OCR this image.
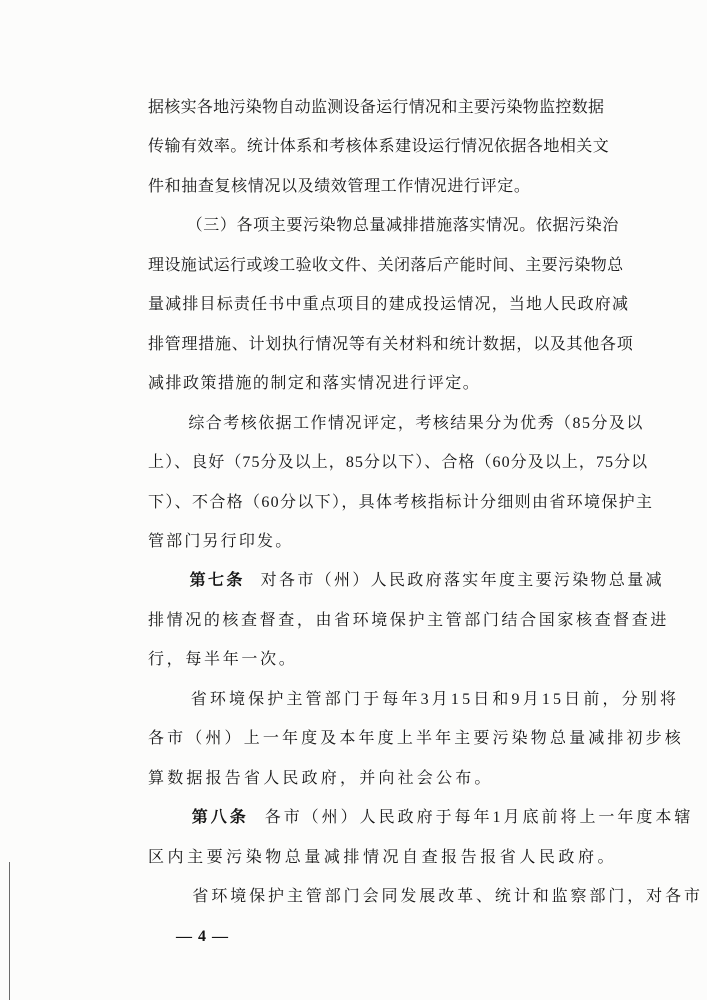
据核实各地污染物自动监测设备运行情况和主要污染物监控数据
传输有效率。统计体系和考核体系建设运行情况依据各地相关文
件和抽查复核情况以及绩效管理工作情况进行评定。
（三）各项主要污染物总量减排措施落实情况。依据污染治
理设施试运行或竣工验收文件、关闭落后产能时间、主要污染物总
量减排目标责任书中重点项目的建成投运情况，当地人民政府减
排管理措施、计划执行情况等有关材料和统计数据，以及其他各项
减排政策措施的制定和落实情况进行评定。
综合考核依据工作情况评定，考核结果分为优秀（85分及以
上）、良好（75分及以上，85分以下）、合格（60分及以上，75分以
下）、不合格（60分以下），具体考核指标计分细则由省环境保护主
管部门另行印发。
第七条 对各市（州）人民政府落实年度主要污染物总量减
排情况的核查督查，由省环境保护主管部门结合国家核查督查进
行，每半年一次。
省环境保护主管部门于每年3月15日和9月15日前，分别将
各市（州）上一年度及本年度上半年主要污染物总量减排初步核
算数据报告省人民政府，并向社会公布。
第八条 各市（州）人民政府于每年1月底前将上一年度本辖
区内主要污染物总量减排情况自查报告报省人民政府。
省环境保护主管部门会同发展改革、统计和监察部门，对各市
— 4 —
